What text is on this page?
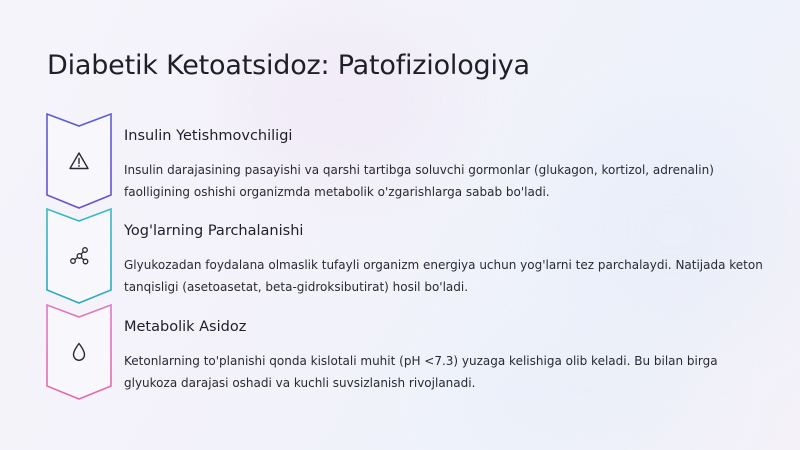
Diabetik Ketoatsidoz: Patofiziologiya
Insulin Yetishmovchiligi
Insulin darajasining pasayishi va qarshi tartibga soluvchi gormonlar (glukagon, kortizol, adrenalin) faolligining oshishi organizmda metabolik o'zgarishlarga sabab bo'ladi.
Yog'larning Parchalanishi
Glyukozadan foydalana olmaslik tufayli organizm energiya uchun yog'larni tez parchalaydi. Natijada keton tanqisligi (asetoasetat, beta-gidroksibutirat) hosil bo'ladi.
Metabolik Asidoz
Ketonlarning to'planishi qonda kislotali muhit (pH <7.3) yuzaga kelishiga olib keladi. Bu bilan birga glyukoza darajasi oshadi va kuchli suvsizlanish rivojlanadi.
